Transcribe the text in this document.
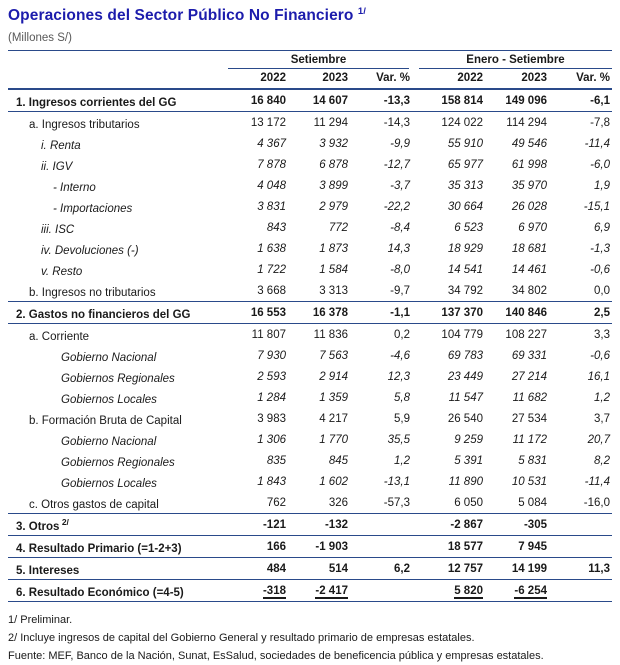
Operaciones del Sector Público No Financiero $^{1/}$
(Millones S/)

	Setiembre			Enero - Setiembre		

	2022	2023	Var. %	2022	2023	Var. %
1. Ingresos corrientes del GG	16 840	14 607	-13,3	158 814	149 096	-6,1
a. Ingresos tributarios	13 172	11 294	-14,3	124 022	114 294	-7,8
i. Renta	4 367	3 932	-9,9	55 910	49 546	-11,4
ii. IGV	7 878	6 878	-12,7	65 977	61 998	-6,0
- Interno	4 048	3 899	-3,7	35 313	35 970	1,9
- Importaciones	3 831	2 979	-22,2	30 664	26 028	-15,1
iii. ISC	843	772	-8,4	6 523	6 970	6,9
iv. Devoluciones (-)	1 638	1 873	14,3	18 929	18 681	-1,3
v. Resto	1 722	1 584	-8,0	14 541	14 461	-0,6
b. Ingresos no tributarios	3 668	3 313	-9,7	34 792	34 802	0,0
2. Gastos no financieros del GG	16 553	16 378	-1,1	137 370	140 846	2,5
a. Corriente	11 807	11 836	0,2	104 779	108 227	3,3
Gobierno Nacional	7 930	7 563	-4,6	69 783	69 331	-0,6
Gobiernos Regionales	2 593	2 914	12,3	23 449	27 214	16,1
Gobiernos Locales	1 284	1 359	5,8	11 547	11 682	1,2
b. Formación Bruta de Capital	3 983	4 217	5,9	26 540	27 534	3,7
Gobierno Nacional	1 306	1 770	35,5	9 259	11 172	20,7
Gobiernos Regionales	835	845	1,2	5 391	5 831	8,2
Gobiernos Locales	1 843	1 602	-13,1	11 890	10 531	-11,4
c. Otros gastos de capital	762	326	-57,3	6 050	5 084	-16,0
3. Otros $^{2/}$	-121	-132		-2 867	-305	
4. Resultado Primario (=1-2+3)	166	-1 903		18 577	7 945	
5. Intereses	484	514	6,2	12 757	14 199	11,3
6. Resultado Económico (=4-5)	-318	-2 417		5 820	-6 254	
1/ Preliminar.
2/ Incluye ingresos de capital del Gobierno General y resultado primario de empresas estatales.
Fuente: MEF, Banco de la Nación, Sunat, EsSalud, sociedades de beneficencia pública y empresas estatales.
